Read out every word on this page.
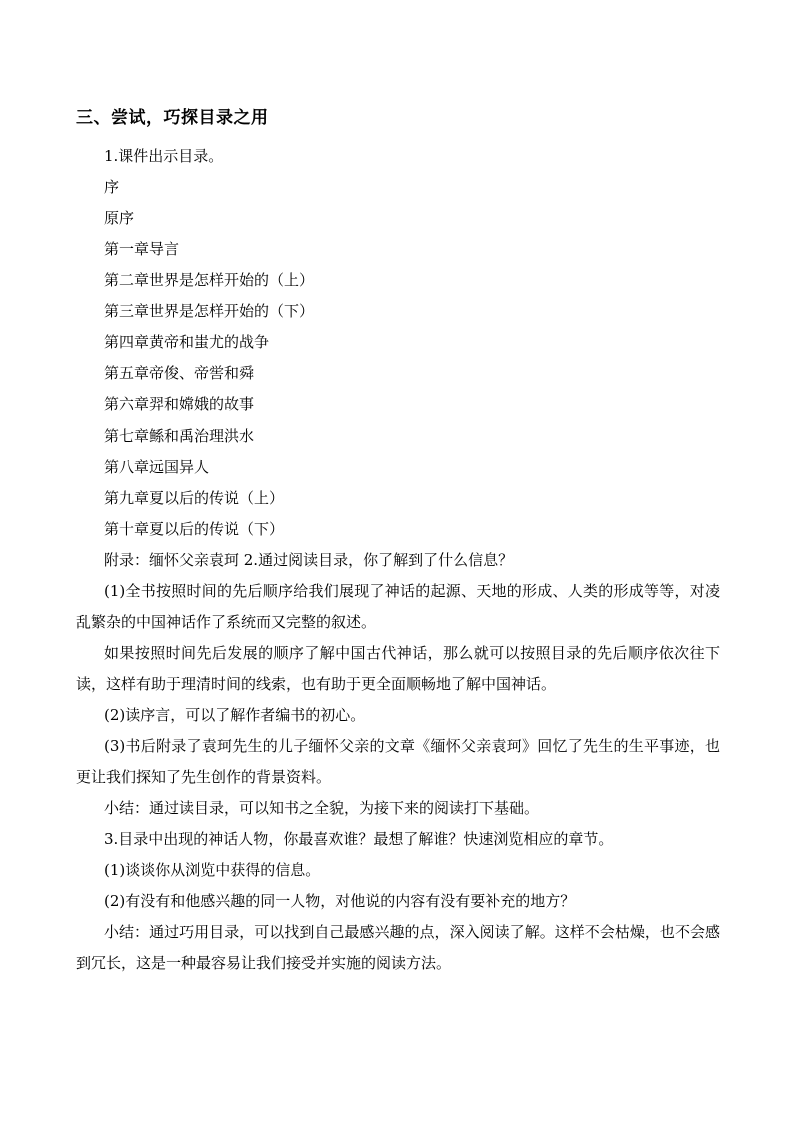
三、尝试，巧探目录之用
1.课件出示目录。
序
原序
第一章导言
第二章世界是怎样开始的（上）
第三章世界是怎样开始的（下）
第四章黄帝和蚩尤的战争
第五章帝俊、帝喾和舜
第六章羿和嫦娥的故事
第七章鲧和禹治理洪水
第八章远国异人
第九章夏以后的传说（上）
第十章夏以后的传说（下）
附录：缅怀父亲袁珂 2.通过阅读目录，你了解到了什么信息？
(1)全书按照时间的先后顺序给我们展现了神话的起源、天地的形成、人类的形成等等，对凌乱繁杂的中国神话作了系统而又完整的叙述。
如果按照时间先后发展的顺序了解中国古代神话，那么就可以按照目录的先后顺序依次往下读，这样有助于理清时间的线索，也有助于更全面顺畅地了解中国神话。
(2)读序言，可以了解作者编书的初心。
(3)书后附录了袁珂先生的儿子缅怀父亲的文章《缅怀父亲袁珂》回忆了先生的生平事迹，也更让我们探知了先生创作的背景资料。
小结：通过读目录，可以知书之全貌，为接下来的阅读打下基础。
3.目录中出现的神话人物，你最喜欢谁？最想了解谁？快速浏览相应的章节。
(1)谈谈你从浏览中获得的信息。
(2)有没有和他感兴趣的同一人物，对他说的内容有没有要补充的地方？
小结：通过巧用目录，可以找到自己最感兴趣的点，深入阅读了解。这样不会枯燥，也不会感到冗长，这是一种最容易让我们接受并实施的阅读方法。
